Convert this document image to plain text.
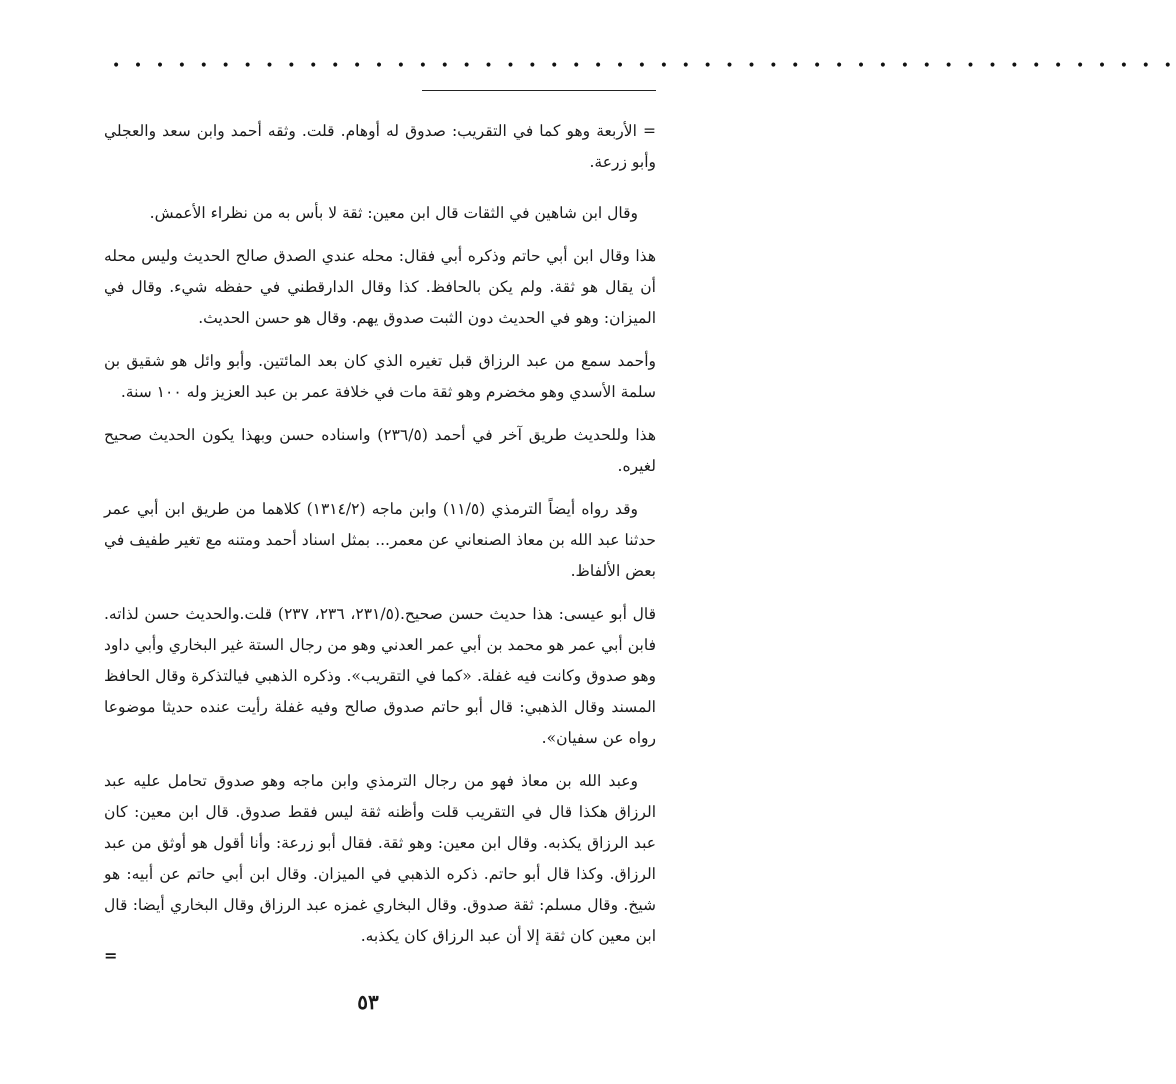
• • • • • • • • • • • • • • • • • • • • • • • • • • • • • • • • • • • • • • • • • • • • • • • • •

= الأربعة وهو كما في التقريب: صدوق له أوهام. قلت. وثقه أحمد وابن سعد والعجلي وأبو زرعة.

وقال ابن شاهين في الثقات قال ابن معين: ثقة لا بأس به من نظراء الأعمش.

هذا وقال ابن أبي حاتم وذكره أبي فقال: محله عندي الصدق صالح الحديث وليس محله أن يقال هو ثقة. ولم يكن بالحافظ. كذا وقال الدارقطني في حفظه شيء. وقال في الميزان: وهو في الحديث دون الثبت صدوق يهم. وقال هو حسن الحديث.

وأحمد سمع من عبد الرزاق قبل تغيره الذي كان بعد المائتين. وأبو وائل هو شقيق بن سلمة الأسدي وهو مخضرم وهو ثقة مات في خلافة عمر بن عبد العزيز وله ١٠٠ سنة.

هذا وللحديث طريق آخر في أحمد (٢٣٦/٥) واسناده حسن وبهذا يكون الحديث صحيح لغيره.

وقد رواه أيضاً الترمذي (١١/٥) وابن ماجه (١٣١٤/٢) كلاهما من طريق ابن أبي عمر حدثنا عبد الله بن معاذ الصنعاني عن معمر... بمثل اسناد أحمد ومتنه مع تغير طفيف في بعض الألفاظ.

قال أبو عيسى: هذا حديث حسن صحيح.(٢٣١/٥، ٢٣٦، ٢٣٧) قلت.والحديث حسن لذاته. فابن أبي عمر هو محمد بن أبي عمر العدني وهو من رجال الستة غير البخاري وأبي داود وهو صدوق وكانت فيه غفلة. «كما في التقريب». وذكره الذهبي فيالتذكرة وقال الحافظ المسند وقال الذهبي: قال أبو حاتم صدوق صالح وفيه غفلة رأيت عنده حديثا موضوعا رواه عن سفيان».

وعبد الله بن معاذ فهو من رجال الترمذي وابن ماجه وهو صدوق تحامل عليه عبد الرزاق هكذا قال في التقريب قلت وأظنه ثقة ليس فقط صدوق. قال ابن معين: كان عبد الرزاق يكذبه. وقال ابن معين: وهو ثقة. فقال أبو زرعة: وأنا أقول هو أوثق من عبد الرزاق. وكذا قال أبو حاتم. ذكره الذهبي في الميزان. وقال ابن أبي حاتم عن أبيه: هو شيخ. وقال مسلم: ثقة صدوق. وقال البخاري غمزه عبد الرزاق وقال البخاري أيضا: قال ابن معين كان ثقة إلا أن عبد الرزاق كان يكذبه.

=
٥٣
